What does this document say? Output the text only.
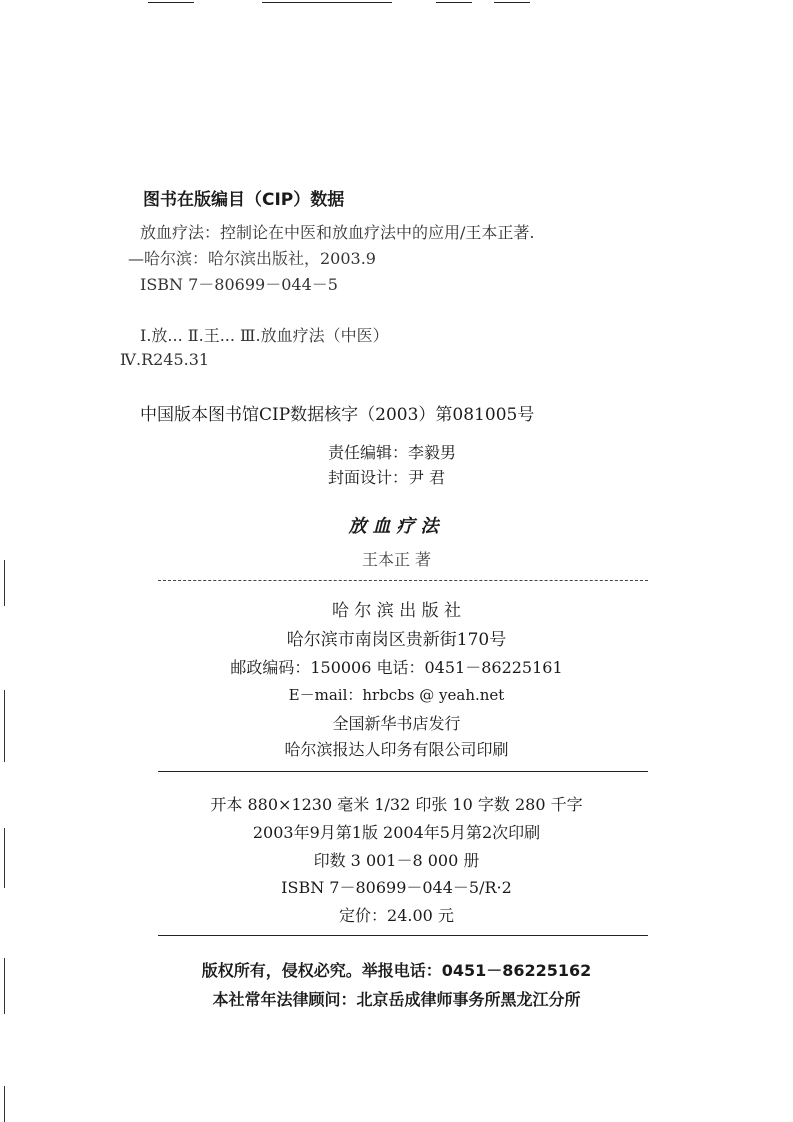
图书在版编目（CIP）数据
放血疗法：控制论在中医和放血疗法中的应用/王本正著.
—哈尔滨：哈尔滨出版社，2003.9
ISBN 7－80699－044－5
Ⅰ.放... Ⅱ.王... Ⅲ.放血疗法（中医）
Ⅳ.R245.31
中国版本图书馆CIP数据核字（2003）第081005号
责任编辑：李毅男
封面设计：尹 君
放血疗法
王本正 著
哈 尔 滨 出 版 社
哈尔滨市南岗区贵新街170号
邮政编码：150006 电话：0451－86225161
E－mail：hrbcbs @ yeah.net
全国新华书店发行
哈尔滨报达人印务有限公司印刷
开本 880×1230 毫米 1/32 印张 10 字数 280 千字
2003年9月第1版 2004年5月第2次印刷
印数 3 001－8 000 册
ISBN 7－80699－044－5/R·2
定价：24.00 元
版权所有，侵权必究。举报电话：0451－86225162
本社常年法律顾问：北京岳成律师事务所黑龙江分所
